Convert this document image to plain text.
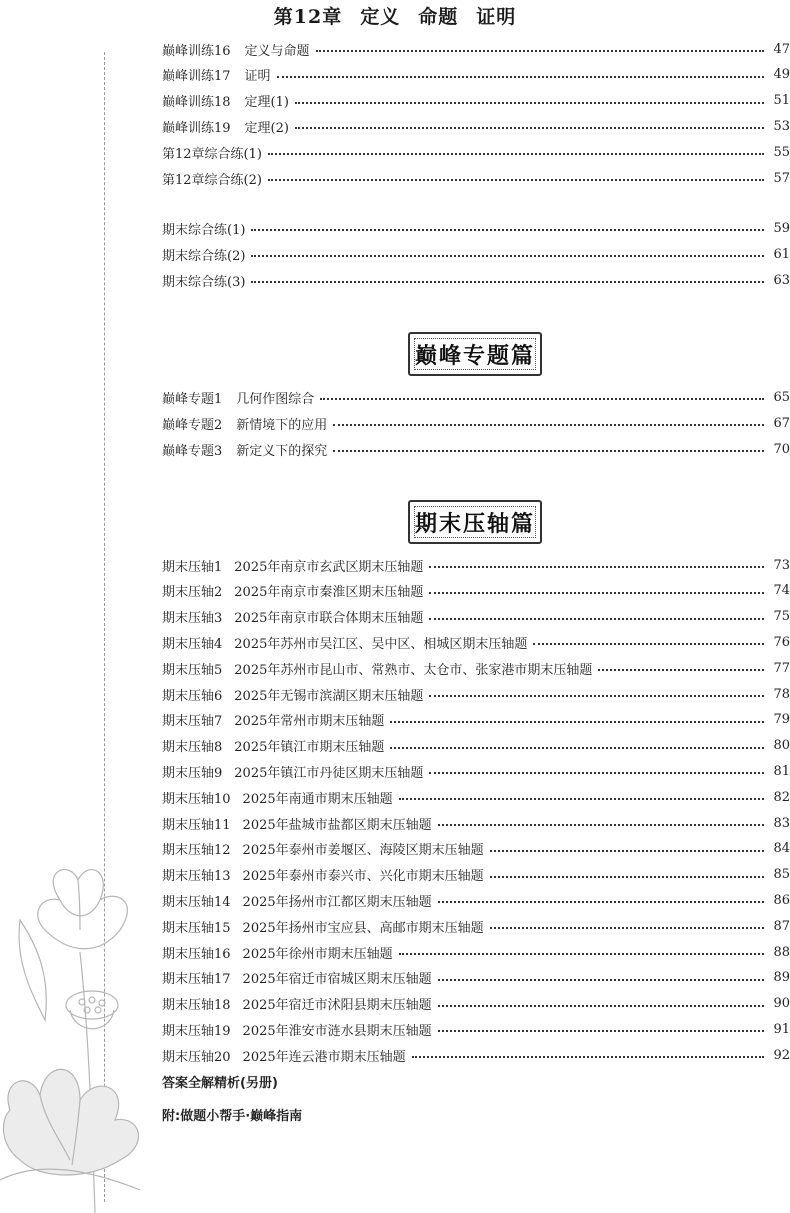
第12章 定义 命题 证明
巅峰训练16 定义与命题	47
巅峰训练17 证明	49
巅峰训练18 定理(1)	51
巅峰训练19 定理(2)	53
第12章综合练(1)	55
第12章综合练(2)	57
期末综合练(1)	59
期末综合练(2)	61
期末综合练(3)	63
巅峰专题篇
巅峰专题1 几何作图综合	65
巅峰专题2 新情境下的应用	67
巅峰专题3 新定义下的探究	70
期末压轴篇
期末压轴1 2025年南京市玄武区期末压轴题	73
期末压轴2 2025年南京市秦淮区期末压轴题	74
期末压轴3 2025年南京市联合体期末压轴题	75
期末压轴4 2025年苏州市吴江区、吴中区、相城区期末压轴题	76
期末压轴5 2025年苏州市昆山市、常熟市、太仓市、张家港市期末压轴题	77
期末压轴6 2025年无锡市滨湖区期末压轴题	78
期末压轴7 2025年常州市期末压轴题	79
期末压轴8 2025年镇江市期末压轴题	80
期末压轴9 2025年镇江市丹徒区期末压轴题	81
期末压轴10 2025年南通市期末压轴题	82
期末压轴11 2025年盐城市盐都区期末压轴题	83
期末压轴12 2025年泰州市姜堰区、海陵区期末压轴题	84
期末压轴13 2025年泰州市泰兴市、兴化市期末压轴题	85
期末压轴14 2025年扬州市江都区期末压轴题	86
期末压轴15 2025年扬州市宝应县、高邮市期末压轴题	87
期末压轴16 2025年徐州市期末压轴题	88
期末压轴17 2025年宿迁市宿城区期末压轴题	89
期末压轴18 2025年宿迁市沭阳县期末压轴题	90
期末压轴19 2025年淮安市涟水县期末压轴题	91
期末压轴20 2025年连云港市期末压轴题	92
答案全解精析(另册)
附:做题小帮手·巅峰指南
